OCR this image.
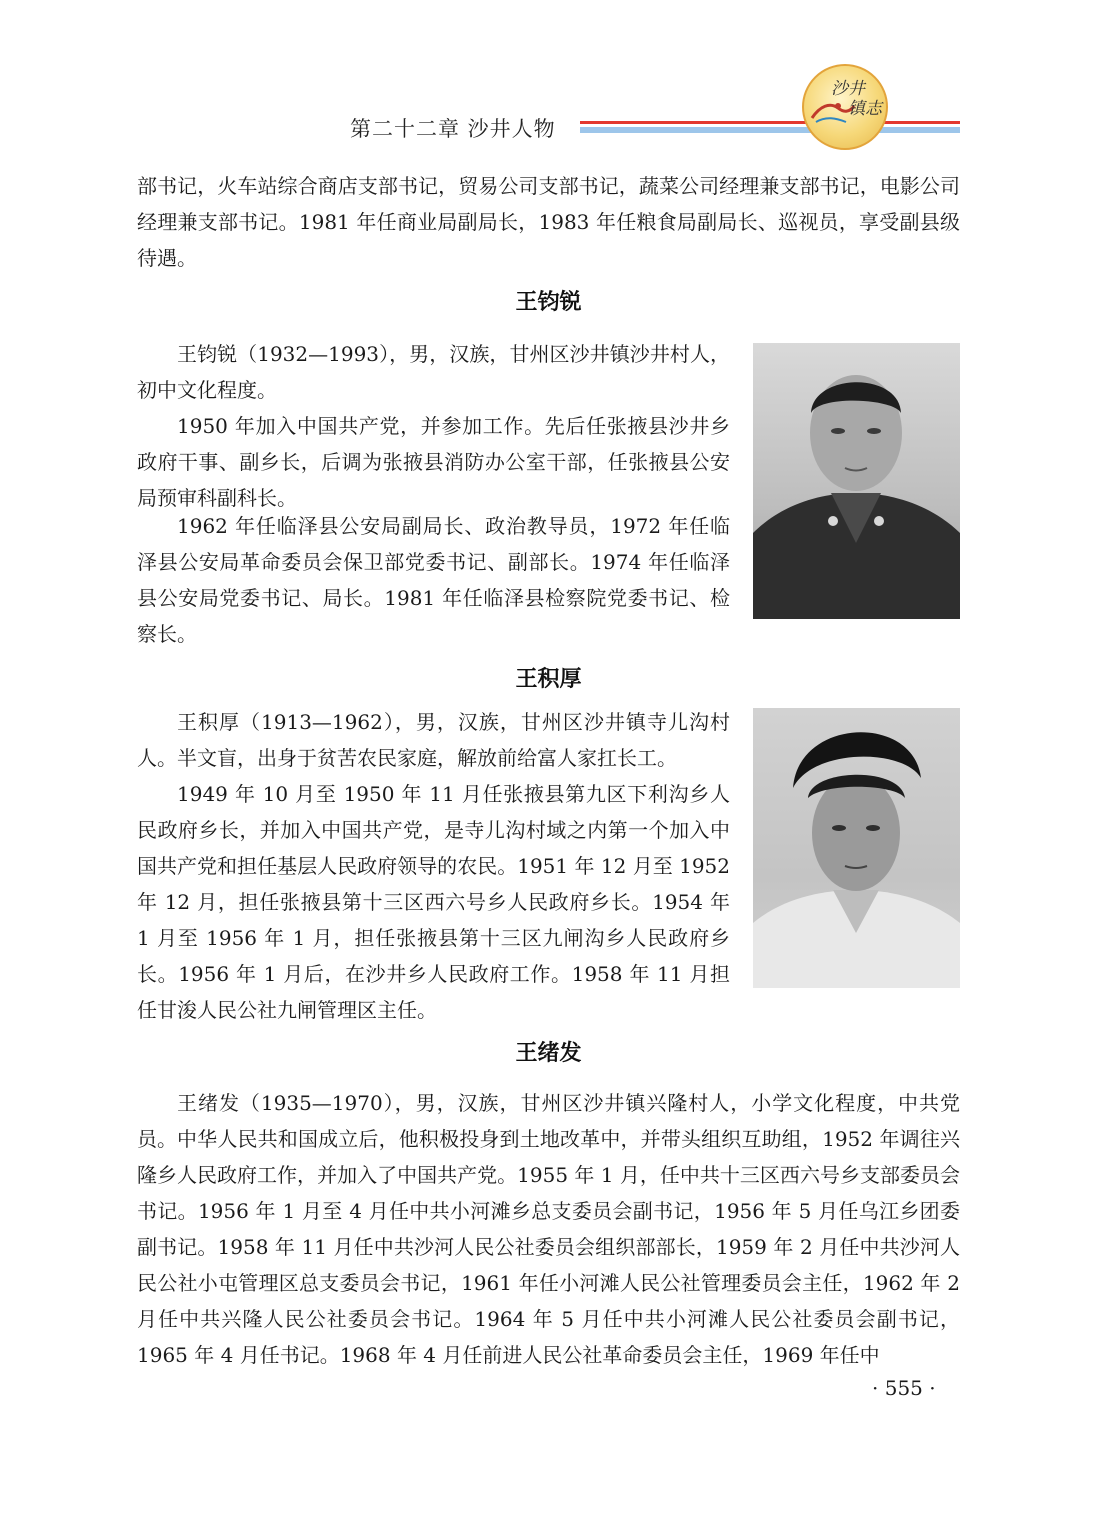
第二十二章 沙井人物
沙井
镇志

部书记，火车站综合商店支部书记，贸易公司支部书记，蔬菜公司经理兼支部书记，电影公司经理兼支部书记。1981 年任商业局副局长，1983 年任粮食局副局长、巡视员，享受副县级待遇。

王钧锐

王钧锐（1932—1993），男，汉族，甘州区沙井镇沙井村人，初中文化程度。

1950 年加入中国共产党，并参加工作。先后任张掖县沙井乡政府干事、副乡长，后调为张掖县消防办公室干部，任张掖县公安局预审科副科长。

1962 年任临泽县公安局副局长、政治教导员，1972 年任临泽县公安局革命委员会保卫部党委书记、副部长。1974 年任临泽县公安局党委书记、局长。1981 年任临泽县检察院党委书记、检察长。

王积厚

王积厚（1913—1962），男，汉族，甘州区沙井镇寺儿沟村人。半文盲，出身于贫苦农民家庭，解放前给富人家扛长工。

1949 年 10 月至 1950 年 11 月任张掖县第九区下利沟乡人民政府乡长，并加入中国共产党，是寺儿沟村域之内第一个加入中国共产党和担任基层人民政府领导的农民。1951 年 12 月至 1952 年 12 月，担任张掖县第十三区西六号乡人民政府乡长。1954 年 1 月至 1956 年 1 月，担任张掖县第十三区九闸沟乡人民政府乡长。1956 年 1 月后，在沙井乡人民政府工作。1958 年 11 月担任甘浚人民公社九闸管理区主任。

王绪发

王绪发（1935—1970），男，汉族，甘州区沙井镇兴隆村人，小学文化程度，中共党员。 中华人民共和国成立后，他积极投身到土地改革中，并带头组织互助组，1952 年调往兴隆乡人民政府工作，并加入了中国共产党。1955 年 1 月，任中共十三区西六号乡支部委员会书记。1956 年 1 月至 4 月任中共小河滩乡总支委员会副书记，1956 年 5 月任乌江乡团委副书记。1958 年 11 月任中共沙河人民公社委员会组织部部长，1959 年 2 月任中共沙河人民公社小屯管理区总支委员会书记，1961 年任小河滩人民公社管理委员会主任，1962 年 2 月任中共兴隆人民公社委员会书记。1964 年 5 月任中共小河滩人民公社委员会副书记，1965 年 4 月任书记。1968 年 4 月任前进人民公社革命委员会主任，1969 年任中

· 555 ·
